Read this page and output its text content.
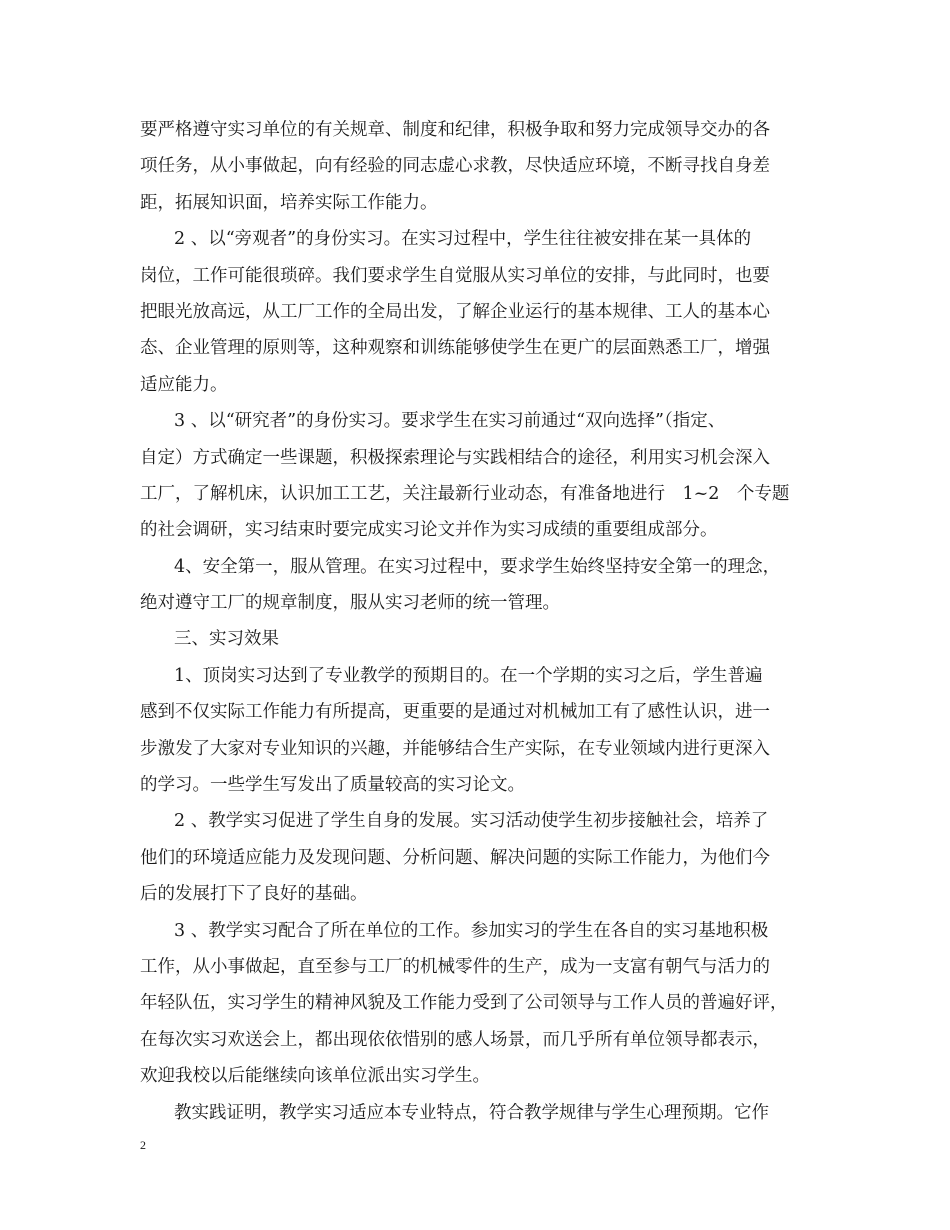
要严格遵守实习单位的有关规章、制度和纪律，积极争取和努力完成领导交办的各
项任务，从小事做起，向有经验的同志虚心求教，尽快适应环境，不断寻找自身差
距，拓展知识面，培养实际工作能力。
2 、以“旁观者”的身份实习。在实习过程中，学生往往被安排在某一具体的
岗位，工作可能很琐碎。我们要求学生自觉服从实习单位的安排，与此同时，也要
把眼光放高远，从工厂工作的全局出发，了解企业运行的基本规律、工人的基本心
态、企业管理的原则等，这种观察和训练能够使学生在更广的层面熟悉工厂，增强
适应能力。
3 、以“研究者”的身份实习。要求学生在实习前通过“双向选择”（指定、
自定）方式确定一些课题，积极探索理论与实践相结合的途径，利用实习机会深入
工厂，了解机床，认识加工工艺，关注最新行业动态，有准备地进行　1~2　个专题
的社会调研，实习结束时要完成实习论文并作为实习成绩的重要组成部分。
4、安全第一，服从管理。在实习过程中，要求学生始终坚持安全第一的理念，
绝对遵守工厂的规章制度，服从实习老师的统一管理。
三、实习效果
1、顶岗实习达到了专业教学的预期目的。在一个学期的实习之后，学生普遍
感到不仅实际工作能力有所提高，更重要的是通过对机械加工有了感性认识，进一
步激发了大家对专业知识的兴趣，并能够结合生产实际，在专业领域内进行更深入
的学习。一些学生写发出了质量较高的实习论文。
2 、教学实习促进了学生自身的发展。实习活动使学生初步接触社会，培养了
他们的环境适应能力及发现问题、分析问题、解决问题的实际工作能力，为他们今
后的发展打下了良好的基础。
3 、教学实习配合了所在单位的工作。参加实习的学生在各自的实习基地积极
工作，从小事做起，直至参与工厂的机械零件的生产，成为一支富有朝气与活力的
年轻队伍，实习学生的精神风貌及工作能力受到了公司领导与工作人员的普遍好评，
在每次实习欢送会上，都出现依依惜别的感人场景，而几乎所有单位领导都表示，
欢迎我校以后能继续向该单位派出实习学生。
教实践证明，教学实习适应本专业特点，符合教学规律与学生心理预期。它作
2
